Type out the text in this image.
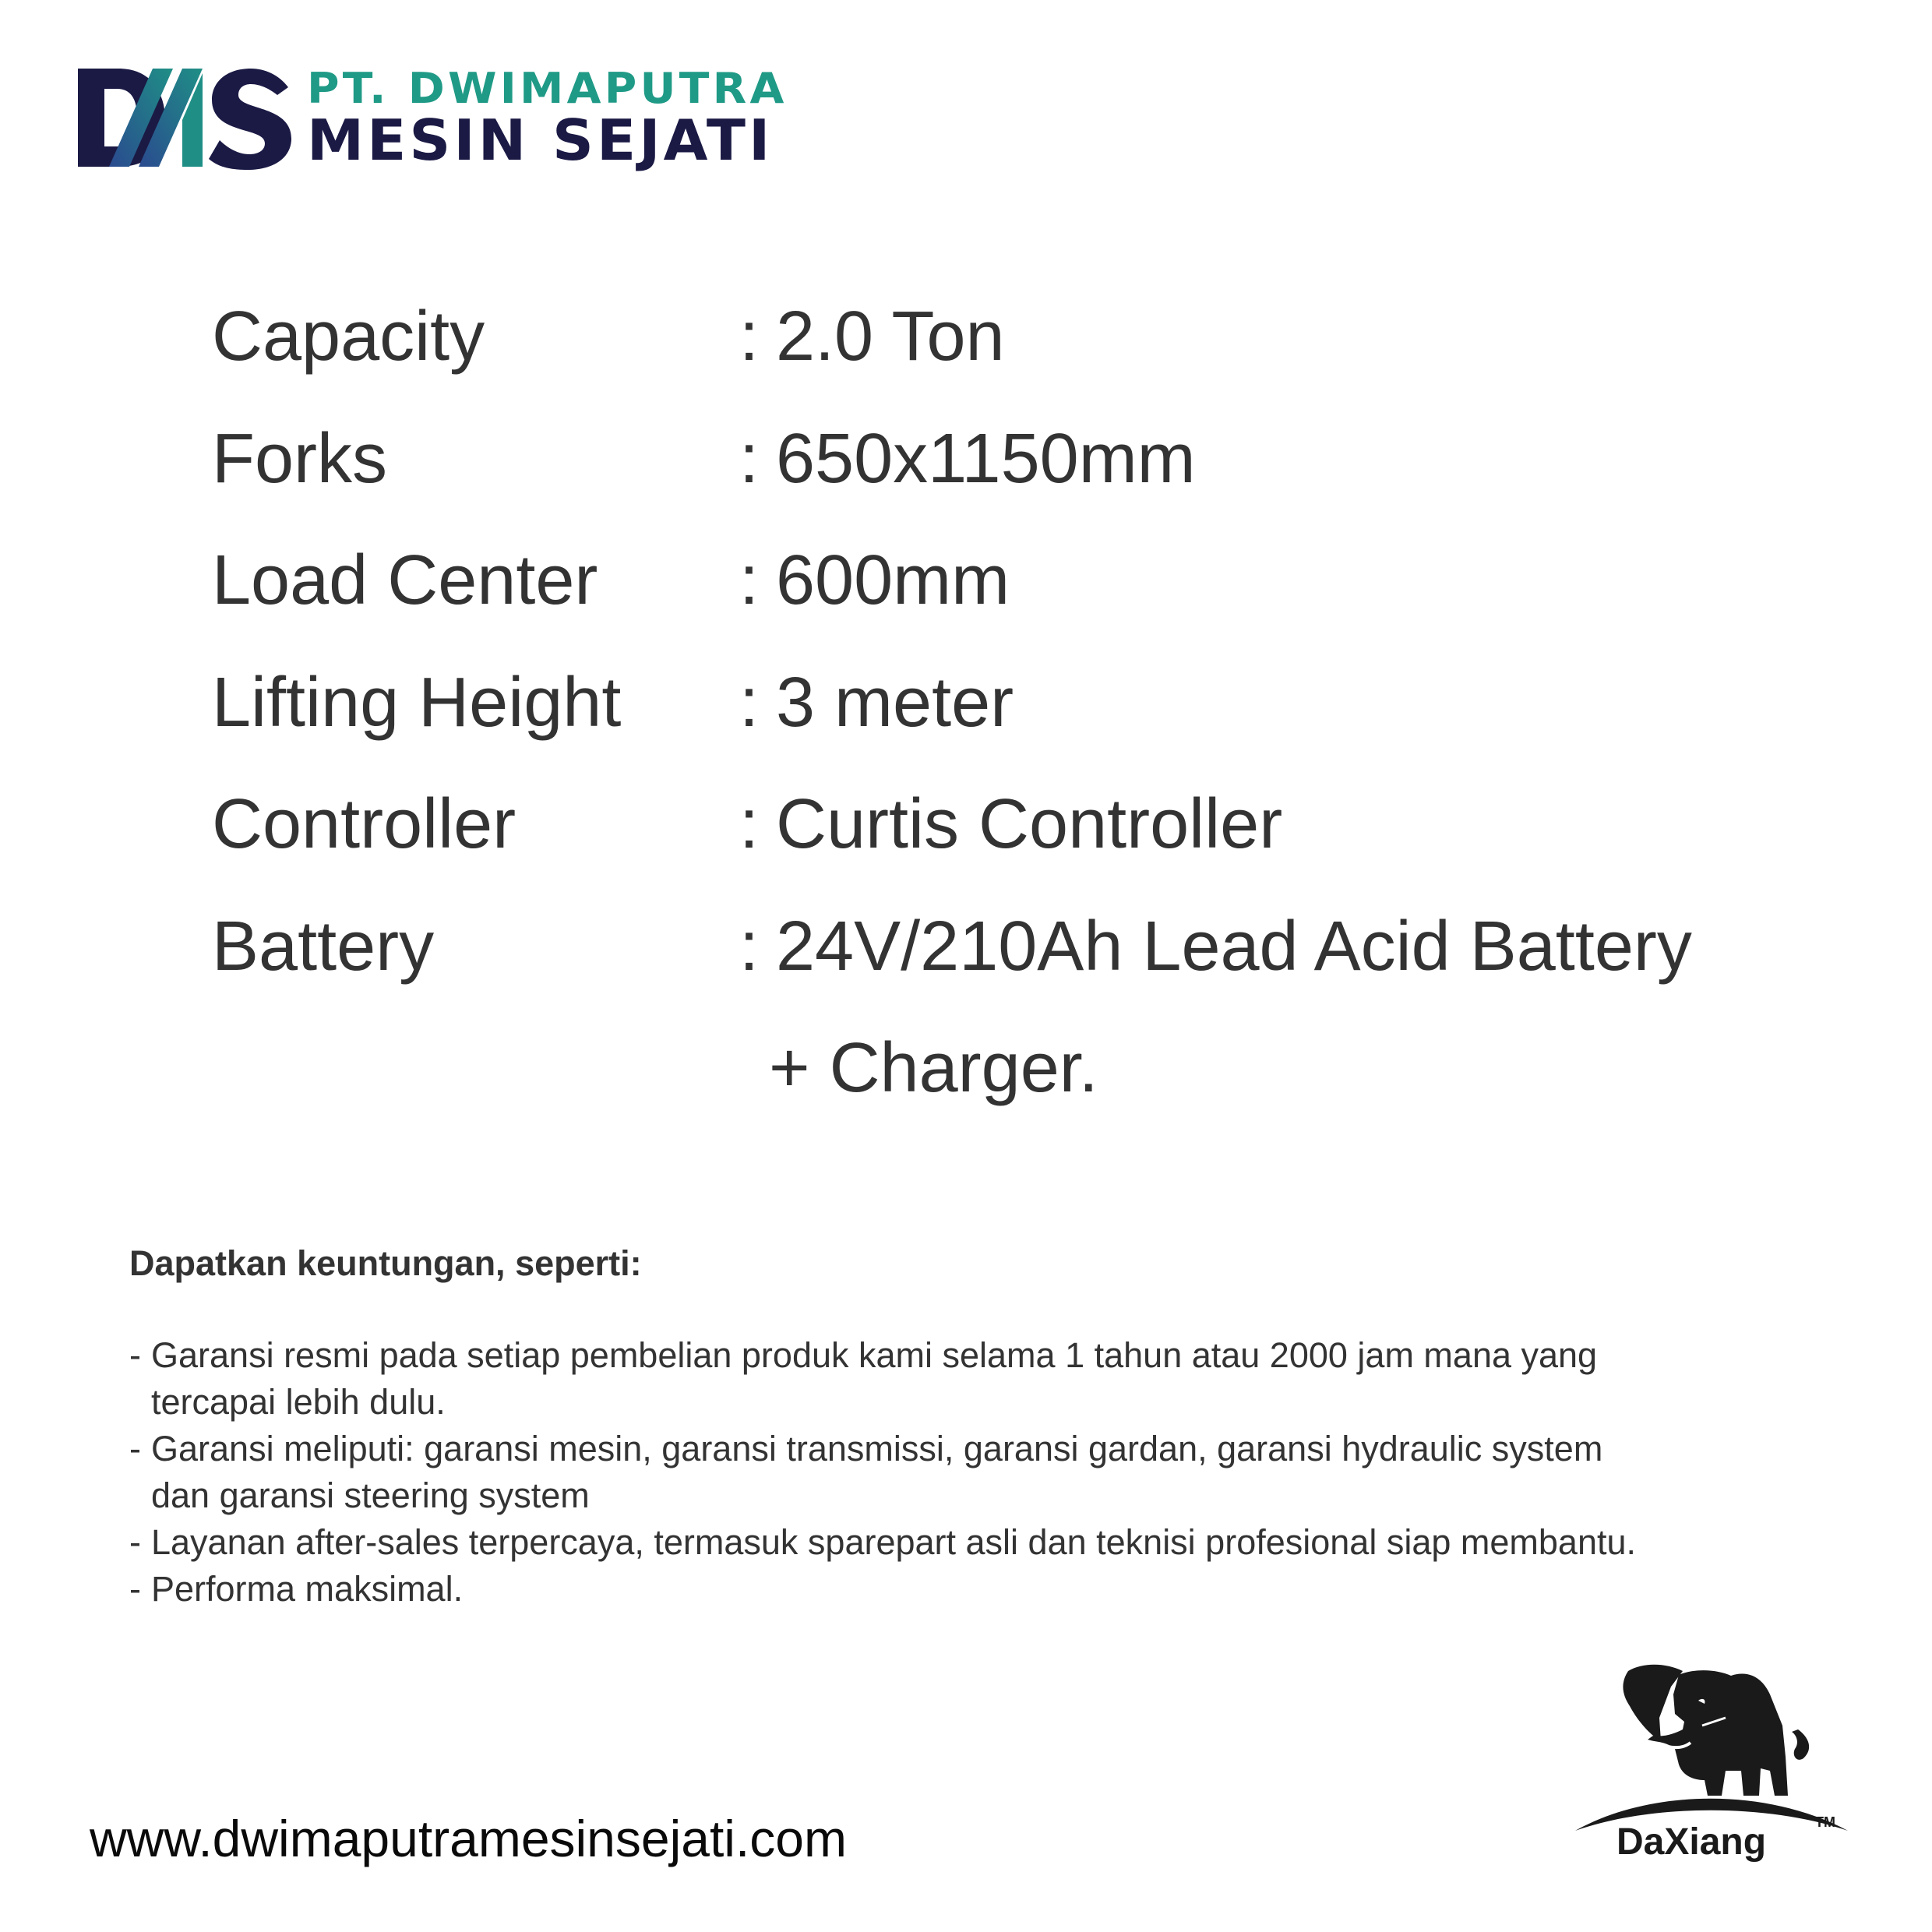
PT. DWIMAPUTRA
MESIN SEJATI
Capacity	: 2.0 Ton
Forks	: 650x1150mm
Load Center : 600mm
Lifting Height : 3 meter
Controller	: Curtis Controller
Battery	: 24V/210Ah Lead Acid Battery
+ Charger.
Dapatkan keuntungan, seperti:
- Garansi resmi pada setiap pembelian produk kami selama 1 tahun atau 2000 jam mana yang
tercapai lebih dulu.
- Garansi meliputi: garansi mesin, garansi transmissi, garansi gardan, garansi hydraulic system
dan garansi steering system
- Layanan after-sales terpercaya, termasuk sparepart asli dan teknisi profesional siap membantu.
- Performa maksimal.
www.dwimaputramesinsejati.com	DaXiang	TM
